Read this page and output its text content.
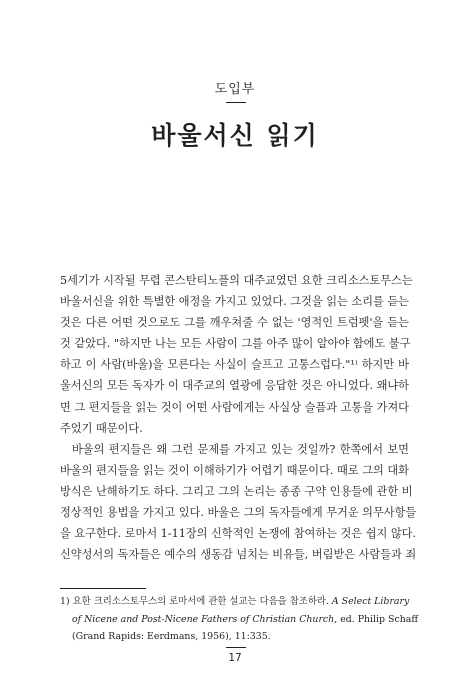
도입부
바울서신 읽기
5세기가 시작될 무렵 콘스탄티노플의 대주교였던 요한 크리소스토무스는
바울서신을 위한 특별한 애정을 가지고 있었다. 그것을 읽는 소리를 듣는
것은 다른 어떤 것으로도 그를 깨우쳐줄 수 없는 '영적인 트럼펫'을 듣는
것 같았다. "하지만 나는 모든 사람이 그를 아주 많이 알아야 함에도 불구
하고 이 사람(바울)을 모른다는 사실이 슬프고 고통스럽다."¹⁾ 하지만 바
울서신의 모든 독자가 이 대주교의 열광에 응답한 것은 아니었다. 왜냐하
면 그 편지들을 읽는 것이 어떤 사람에게는 사실상 슬픔과 고통을 가져다
주었기 때문이다.
바울의 편지들은 왜 그런 문제를 가지고 있는 것일까? 한쪽에서 보면
바울의 편지들을 읽는 것이 이해하기가 어렵기 때문이다. 때로 그의 대화
방식은 난해하기도 하다. 그리고 그의 논리는 종종 구약 인용들에 관한 비
정상적인 용법을 가지고 있다. 바울은 그의 독자들에게 무거운 의무사항들
을 요구한다. 로마서 1-11장의 신학적인 논쟁에 참여하는 것은 쉽지 않다.
신약성서의 독자들은 예수의 생동감 넘치는 비유들, 버림받은 사람들과 죄
1) 요한 크리소스토무스의 로마서에 관한 설교는 다음을 참조하라. A Select Library
of Nicene and Post-Nicene Fathers of Christian Church, ed. Philip Schaff
(Grand Rapids: Eerdmans, 1956), 11:335.
17
